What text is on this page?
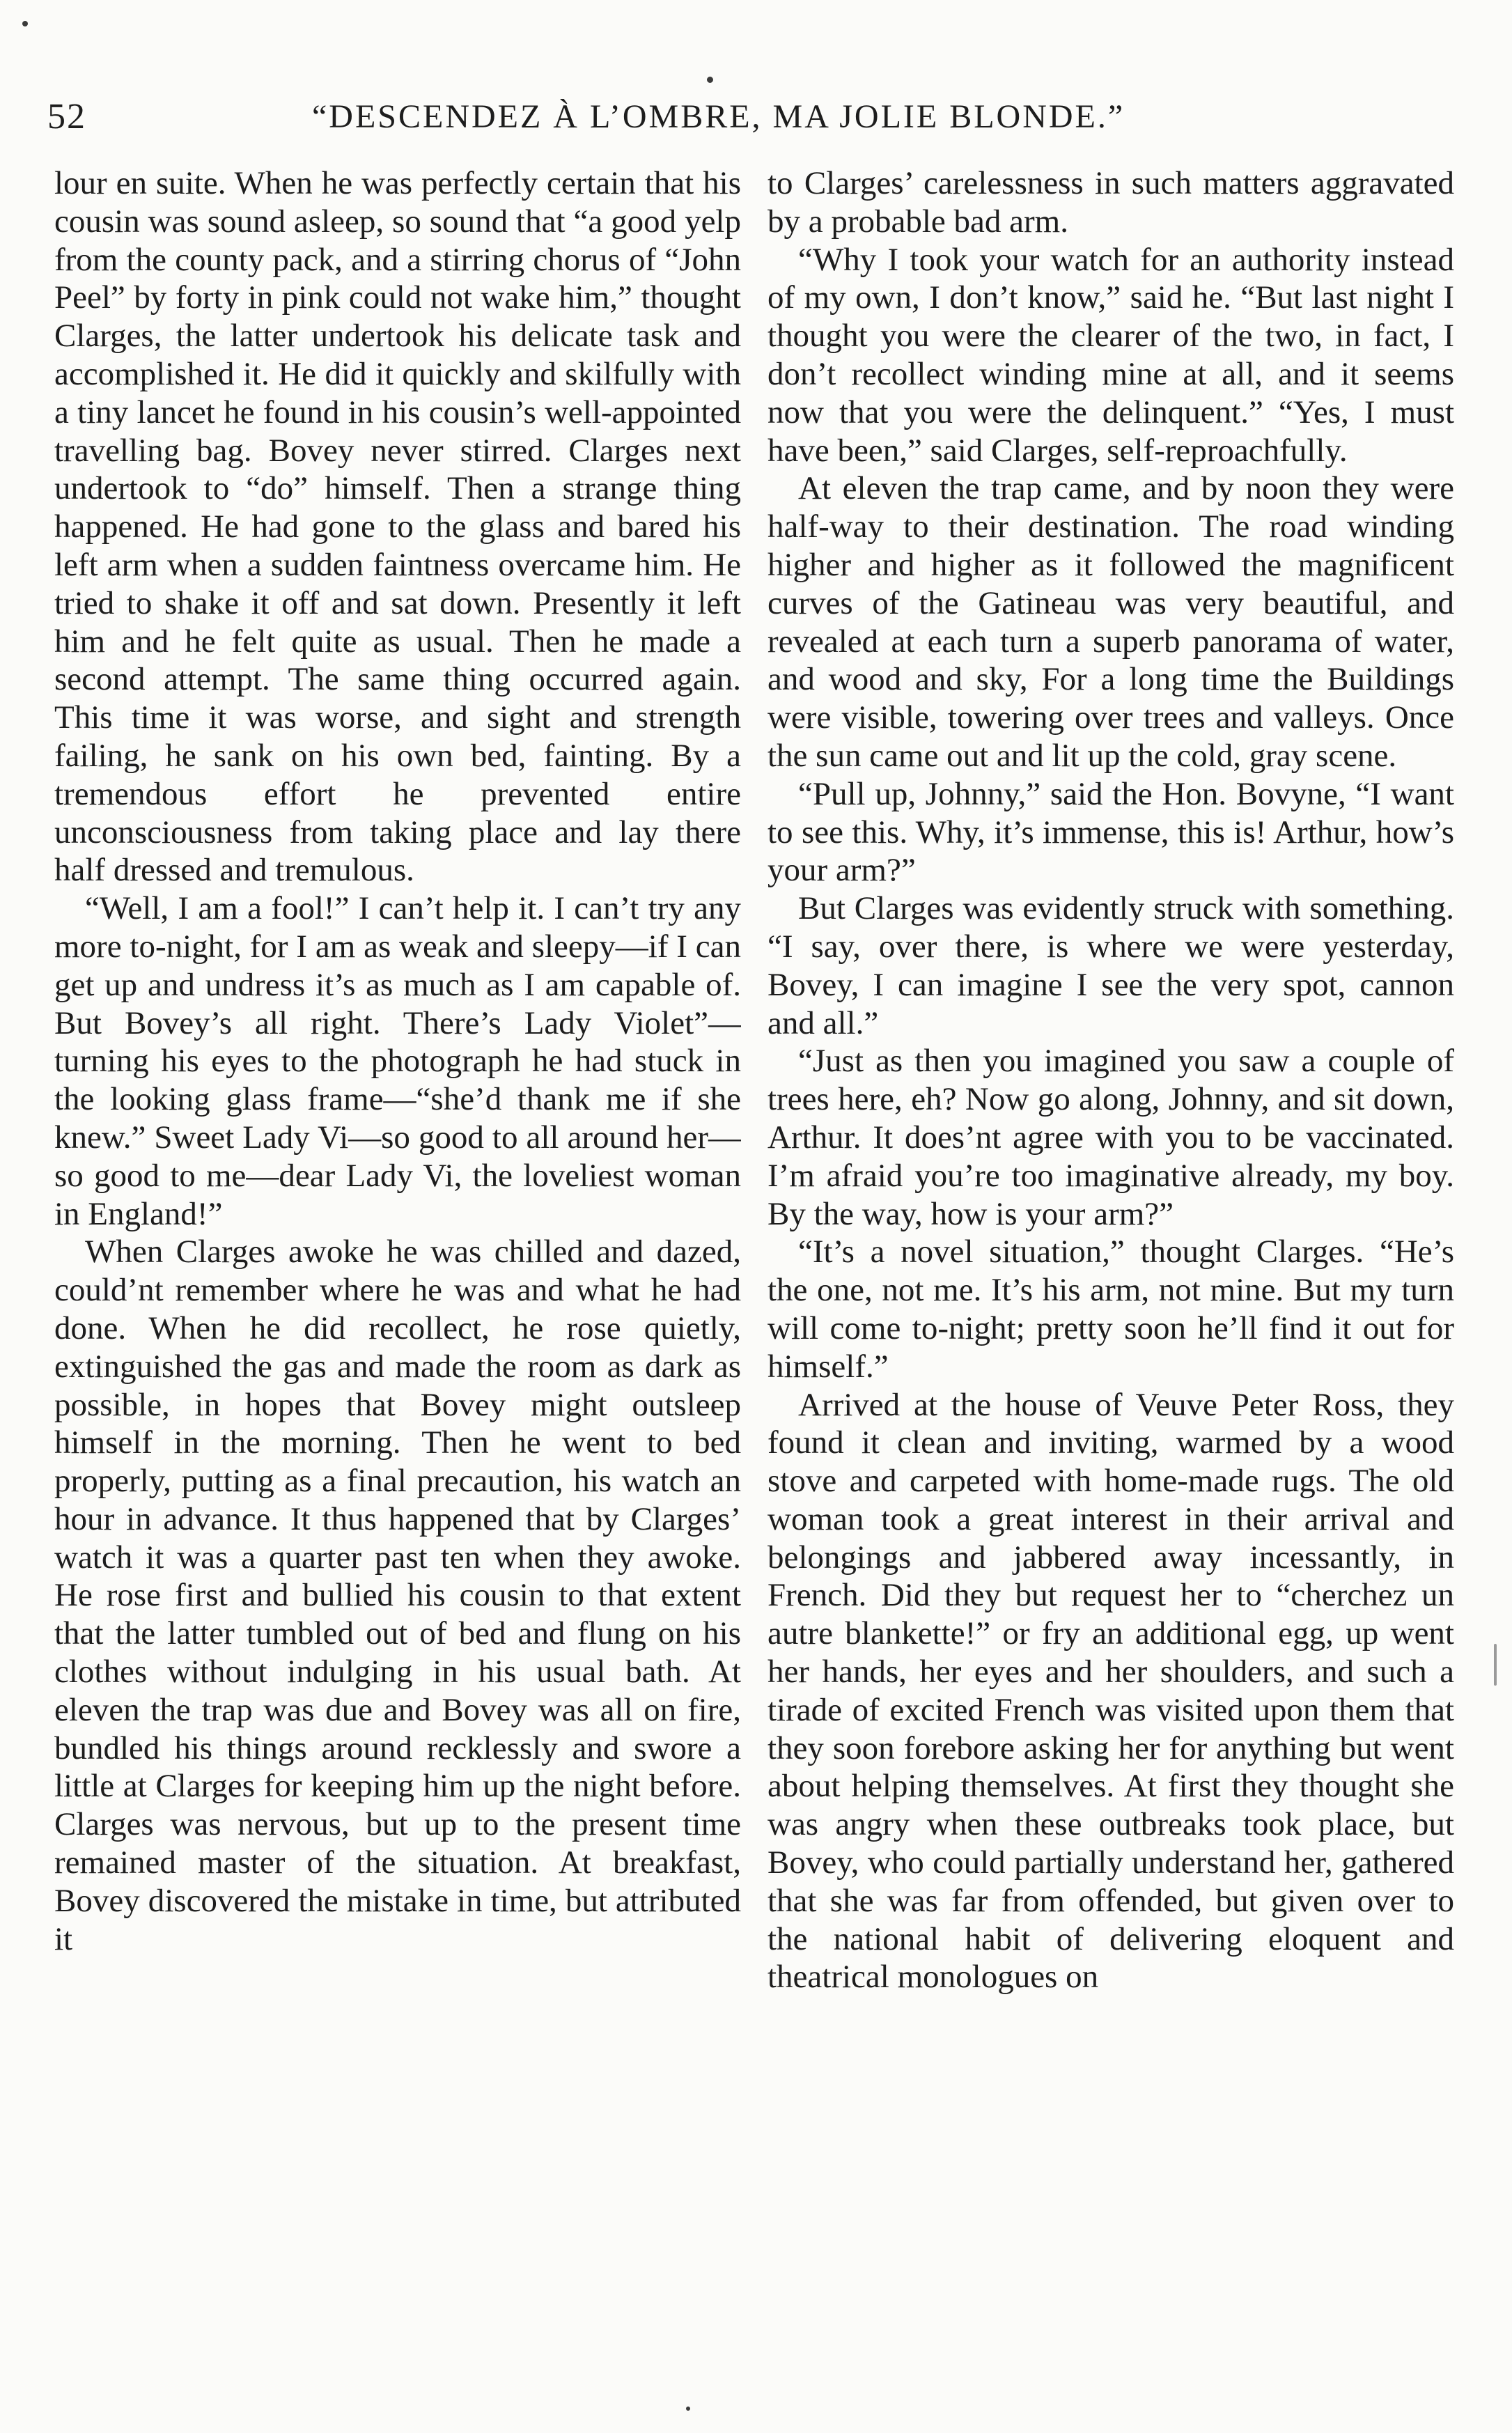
52	“DESCENDEZ À L’OMBRE, MA JOLIE BLONDE.”

lour en suite. When he was perfectly certain that his cousin was sound asleep, so sound that “a good yelp from the county pack, and a stirring chorus of “John Peel” by forty in pink could not wake him,” thought Clarges, the latter undertook his delicate task and accomplished it. He did it quickly and skilfully with a tiny lancet he found in his cousin’s well-appointed travelling bag. Bovey never stirred. Clarges next undertook to “do” himself. Then a strange thing happened. He had gone to the glass and bared his left arm when a sudden faintness overcame him. He tried to shake it off and sat down. Presently it left him and he felt quite as usual. Then he made a second attempt. The same thing occurred again. This time it was worse, and sight and strength failing, he sank on his own bed, fainting. By a tremendous effort he prevented entire unconsciousness from taking place and lay there half dressed and tremulous.

“Well, I am a fool!” I can’t help it. I can’t try any more to-night, for I am as weak and sleepy—if I can get up and undress it’s as much as I am capable of. But Bovey’s all right. There’s Lady Violet”—turning his eyes to the photograph he had stuck in the looking glass frame—“she’d thank me if she knew.” Sweet Lady Vi—so good to all around her—so good to me—dear Lady Vi, the loveliest woman in England!”

When Clarges awoke he was chilled and dazed, could’nt remember where he was and what he had done. When he did recollect, he rose quietly, extinguished the gas and made the room as dark as possible, in hopes that Bovey might outsleep himself in the morning. Then he went to bed properly, putting as a final precaution, his watch an hour in advance. It thus happened that by Clarges’ watch it was a quarter past ten when they awoke. He rose first and bullied his cousin to that extent that the latter tumbled out of bed and flung on his clothes without indulging in his usual bath. At eleven the trap was due and Bovey was all on fire, bundled his things around recklessly and swore a little at Clarges for keeping him up the night before. Clarges was nervous, but up to the present time remained master of the situation. At breakfast, Bovey discovered the mistake in time, but attributed it

to Clarges’ carelessness in such matters aggravated by a probable bad arm.

“Why I took your watch for an authority instead of my own, I don’t know,” said he. “But last night I thought you were the clearer of the two, in fact, I don’t recollect winding mine at all, and it seems now that you were the delinquent.” “Yes, I must have been,” said Clarges, self-reproachfully.

At eleven the trap came, and by noon they were half-way to their destination. The road winding higher and higher as it followed the magnificent curves of the Gatineau was very beautiful, and revealed at each turn a superb panorama of water, and wood and sky, For a long time the Buildings were visible, towering over trees and valleys. Once the sun came out and lit up the cold, gray scene.

“Pull up, Johnny,” said the Hon. Bovyne, “I want to see this. Why, it’s immense, this is! Arthur, how’s your arm?”

But Clarges was evidently struck with something. “I say, over there, is where we were yesterday, Bovey, I can imagine I see the very spot, cannon and all.”

“Just as then you imagined you saw a couple of trees here, eh? Now go along, Johnny, and sit down, Arthur. It does’nt agree with you to be vaccinated. I’m afraid you’re too imaginative already, my boy. By the way, how is your arm?”

“It’s a novel situation,” thought Clarges. “He’s the one, not me. It’s his arm, not mine. But my turn will come to-night; pretty soon he’ll find it out for himself.”

Arrived at the house of Veuve Peter Ross, they found it clean and inviting, warmed by a wood stove and carpeted with home-made rugs. The old woman took a great interest in their arrival and belongings and jabbered away incessantly, in French. Did they but request her to “cherchez un autre blankette!” or fry an additional egg, up went her hands, her eyes and her shoulders, and such a tirade of excited French was visited upon them that they soon forebore asking her for anything but went about helping themselves. At first they thought she was angry when these outbreaks took place, but Bovey, who could partially understand her, gathered that she was far from offended, but given over to the national habit of delivering eloquent and theatrical monologues on
